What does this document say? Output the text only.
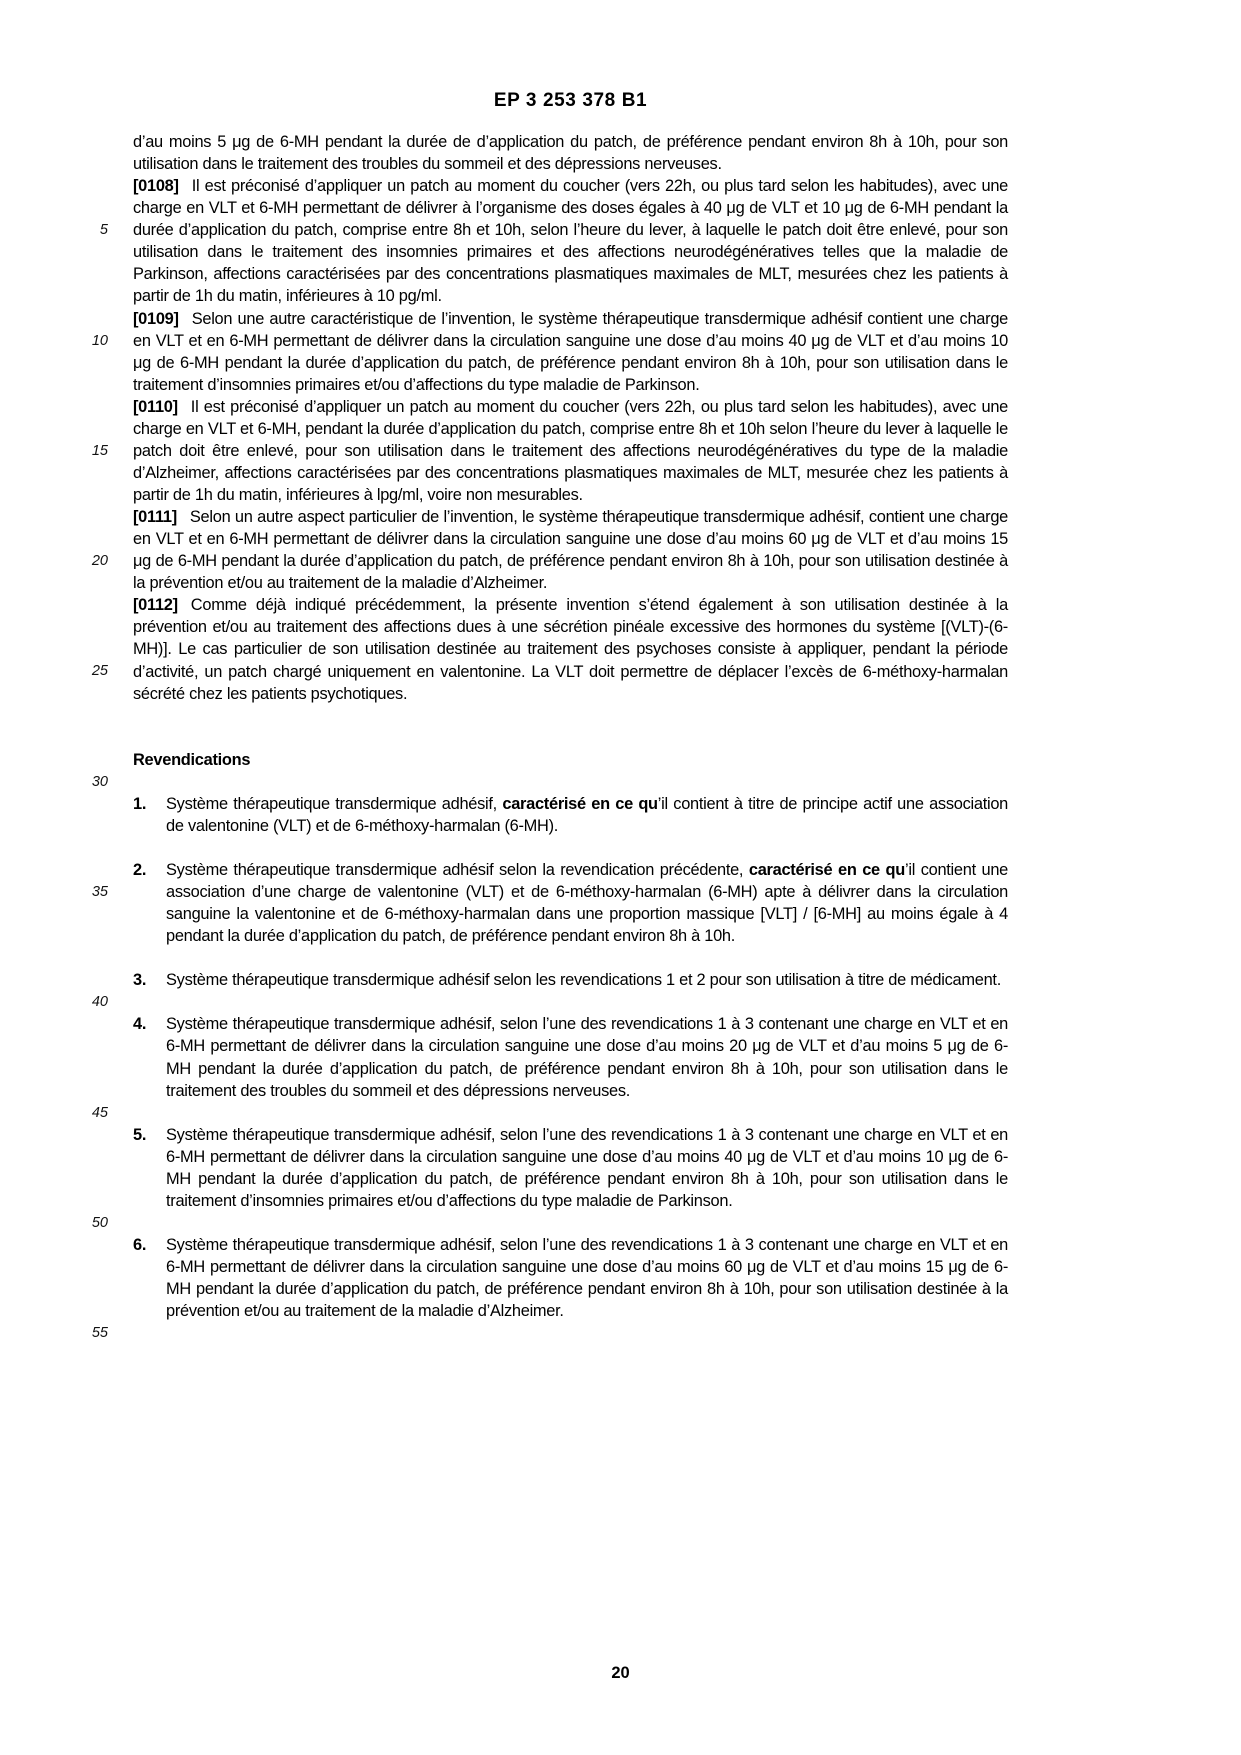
EP 3 253 378 B1
5
10
15
20
25
30
35
40
45
50
55

d’au moins 5 μg de 6-MH pendant la durée de d’application du patch, de préférence pendant environ 8h à 10h, pour son utilisation dans le traitement des troubles du sommeil et des dépressions nerveuses.

[0108] Il est préconisé d’appliquer un patch au moment du coucher (vers 22h, ou plus tard selon les habitudes), avec une charge en VLT et 6-MH permettant de délivrer à l’organisme des doses égales à 40 μg de VLT et 10 μg de 6-MH pendant la durée d’application du patch, comprise entre 8h et 10h, selon l’heure du lever, à laquelle le patch doit être enlevé, pour son utilisation dans le traitement des insomnies primaires et des affections neurodégénératives telles que la maladie de Parkinson, affections caractérisées par des concentrations plasmatiques maximales de MLT, mesurées chez les patients à partir de 1h du matin, inférieures à 10 pg/ml.

[0109] Selon une autre caractéristique de l’invention, le système thérapeutique transdermique adhésif contient une charge en VLT et en 6-MH permettant de délivrer dans la circulation sanguine une dose d’au moins 40 μg de VLT et d’au moins 10 μg de 6-MH pendant la durée d’application du patch, de préférence pendant environ 8h à 10h, pour son utilisation dans le traitement d’insomnies primaires et/ou d’affections du type maladie de Parkinson.

[0110] Il est préconisé d’appliquer un patch au moment du coucher (vers 22h, ou plus tard selon les habitudes), avec une charge en VLT et 6-MH, pendant la durée d’application du patch, comprise entre 8h et 10h selon l’heure du lever à laquelle le patch doit être enlevé, pour son utilisation dans le traitement des affections neurodégénératives du type de la maladie d’Alzheimer, affections caractérisées par des concentrations plasmatiques maximales de MLT, mesurée chez les patients à partir de 1h du matin, inférieures à lpg/ml, voire non mesurables.

[0111] Selon un autre aspect particulier de l’invention, le système thérapeutique transdermique adhésif, contient une charge en VLT et en 6-MH permettant de délivrer dans la circulation sanguine une dose d’au moins 60 μg de VLT et d’au moins 15 μg de 6-MH pendant la durée d’application du patch, de préférence pendant environ 8h à 10h, pour son utilisation destinée à la prévention et/ou au traitement de la maladie d’Alzheimer.

[0112] Comme déjà indiqué précédemment, la présente invention s’étend également à son utilisation destinée à la prévention et/ou au traitement des affections dues à une sécrétion pinéale excessive des hormones du système [(VLT)-(6-MH)]. Le cas particulier de son utilisation destinée au traitement des psychoses consiste à appliquer, pendant la période d’activité, un patch chargé uniquement en valentonine. La VLT doit permettre de déplacer l’excès de 6-méthoxy-harmalan sécrété chez les patients psychotiques.

Revendications
1. Système thérapeutique transdermique adhésif, caractérisé en ce qu’il contient à titre de principe actif une association de valentonine (VLT) et de 6-méthoxy-harmalan (6-MH).
2. Système thérapeutique transdermique adhésif selon la revendication précédente, caractérisé en ce qu’il contient une association d’une charge de valentonine (VLT) et de 6-méthoxy-harmalan (6-MH) apte à délivrer dans la circulation sanguine la valentonine et de 6-méthoxy-harmalan dans une proportion massique [VLT] / [6-MH] au moins égale à 4 pendant la durée d’application du patch, de préférence pendant environ 8h à 10h.
3. Système thérapeutique transdermique adhésif selon les revendications 1 et 2 pour son utilisation à titre de médicament.
4. Système thérapeutique transdermique adhésif, selon l’une des revendications 1 à 3 contenant une charge en VLT et en 6-MH permettant de délivrer dans la circulation sanguine une dose d’au moins 20 μg de VLT et d’au moins 5 μg de 6-MH pendant la durée d’application du patch, de préférence pendant environ 8h à 10h, pour son utilisation dans le traitement des troubles du sommeil et des dépressions nerveuses.
5. Système thérapeutique transdermique adhésif, selon l’une des revendications 1 à 3 contenant une charge en VLT et en 6-MH permettant de délivrer dans la circulation sanguine une dose d’au moins 40 μg de VLT et d’au moins 10 μg de 6-MH pendant la durée d’application du patch, de préférence pendant environ 8h à 10h, pour son utilisation dans le traitement d’insomnies primaires et/ou d’affections du type maladie de Parkinson.
6. Système thérapeutique transdermique adhésif, selon l’une des revendications 1 à 3 contenant une charge en VLT et en 6-MH permettant de délivrer dans la circulation sanguine une dose d’au moins 60 μg de VLT et d’au moins 15 μg de 6-MH pendant la durée d’application du patch, de préférence pendant environ 8h à 10h, pour son utilisation destinée à la prévention et/ou au traitement de la maladie d’Alzheimer.
20
